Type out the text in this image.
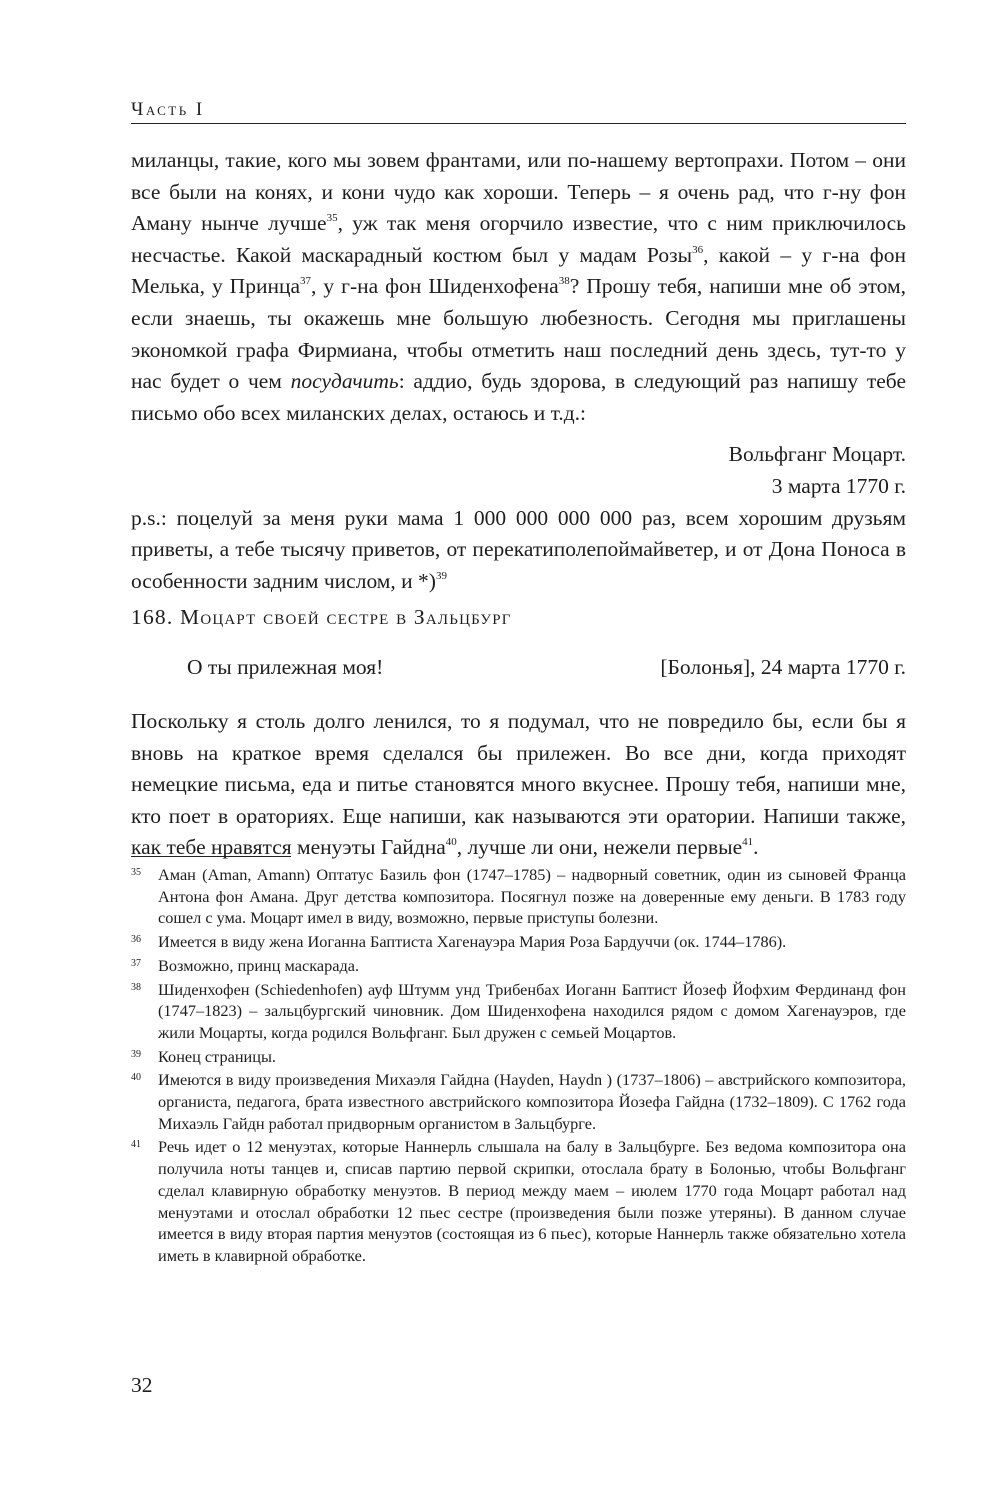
Часть I

миланцы, такие, кого мы зовем франтами, или по-нашему вертопрахи. Потом – они все были на конях, и кони чудо как хороши. Теперь – я очень рад, что г-ну фон Аману нынче лучше$^{35}$, уж так меня огорчило известие, что с ним приключилось несчастье. Какой маскарадный костюм был у мадам Розы$^{36}$, какой – у г-на фон Мелька, у Принца$^{37}$, у г-на фон Шиденхофена$^{38}$? Прошу тебя, напиши мне об этом, если знаешь, ты окажешь мне большую любезность. Сегодня мы приглашены экономкой графа Фирмиана, чтобы отметить наш последний день здесь, тут-то у нас будет о чем посудачить: аддио, будь здорова, в следующий раз напишу тебе письмо обо всех миланских делах, остаюсь и т.д.:

Вольфганг Моцарт.
3 марта 1770 г.

p.s.: поцелуй за меня руки мама 1 000 000 000 000 раз, всем хорошим друзьям приветы, а тебе тысячу приветов, от перекатиполепоймайветер, и от Дона Поноса в особенности задним числом, и *)$^{39}$

168. Моцарт своей сестре в Зальцбург
О ты прилежная моя!	[Болонья], 24 марта 1770 г.

Поскольку я столь долго ленился, то я подумал, что не повредило бы, если бы я вновь на краткое время сделался бы прилежен. Во все дни, когда приходят немецкие письма, еда и питье становятся много вкуснее. Прошу тебя, напиши мне, кто поет в ораториях. Еще напиши, как называются эти оратории. Напиши также, как тебе нравятся менуэты Гайдна$^{40}$, лучше ли они, нежели первые$^{41}$.

35 Аман (Aman, Amann) Оптатус Базиль фон (1747–1785) – надворный советник, один из сыновей Франца Антона фон Амана. Друг детства композитора. Посягнул позже на доверенные ему деньги. В 1783 году сошел с ума. Моцарт имел в виду, возможно, первые приступы болезни.
36 Имеется в виду жена Иоганна Баптиста Хагенауэра Мария Роза Бардуччи (ок. 1744–1786).
37 Возможно, принц маскарада.
38 Шиденхофен (Schiedenhofen) ауф Штумм унд Трибенбах Иоганн Баптист Йозеф Йофхим Фердинанд фон (1747–1823) – зальцбургский чиновник. Дом Шиденхофена находился рядом с домом Хагенауэров, где жили Моцарты, когда родился Вольфганг. Был дружен с семьей Моцартов.
39 Конец страницы.
40 Имеются в виду произведения Михаэля Гайдна (Hayden, Haydn ) (1737–1806) – австрийского композитора, органиста, педагога, брата известного австрийского композитора Йозефа Гайдна (1732–1809). С 1762 года Михаэль Гайдн работал придворным органистом в Зальцбурге.
41 Речь идет о 12 менуэтах, которые Наннерль слышала на балу в Зальцбурге. Без ведома композитора она получила ноты танцев и, списав партию первой скрипки, отослала брату в Болонью, чтобы Вольфганг сделал клавирную обработку менуэтов. В период между маем – июлем 1770 года Моцарт работал над менуэтами и отослал обработки 12 пьес сестре (произведения были позже утеряны). В данном случае имеется в виду вторая партия менуэтов (состоящая из 6 пьес), которые Наннерль также обязательно хотела иметь в клавирной обработке.
32
